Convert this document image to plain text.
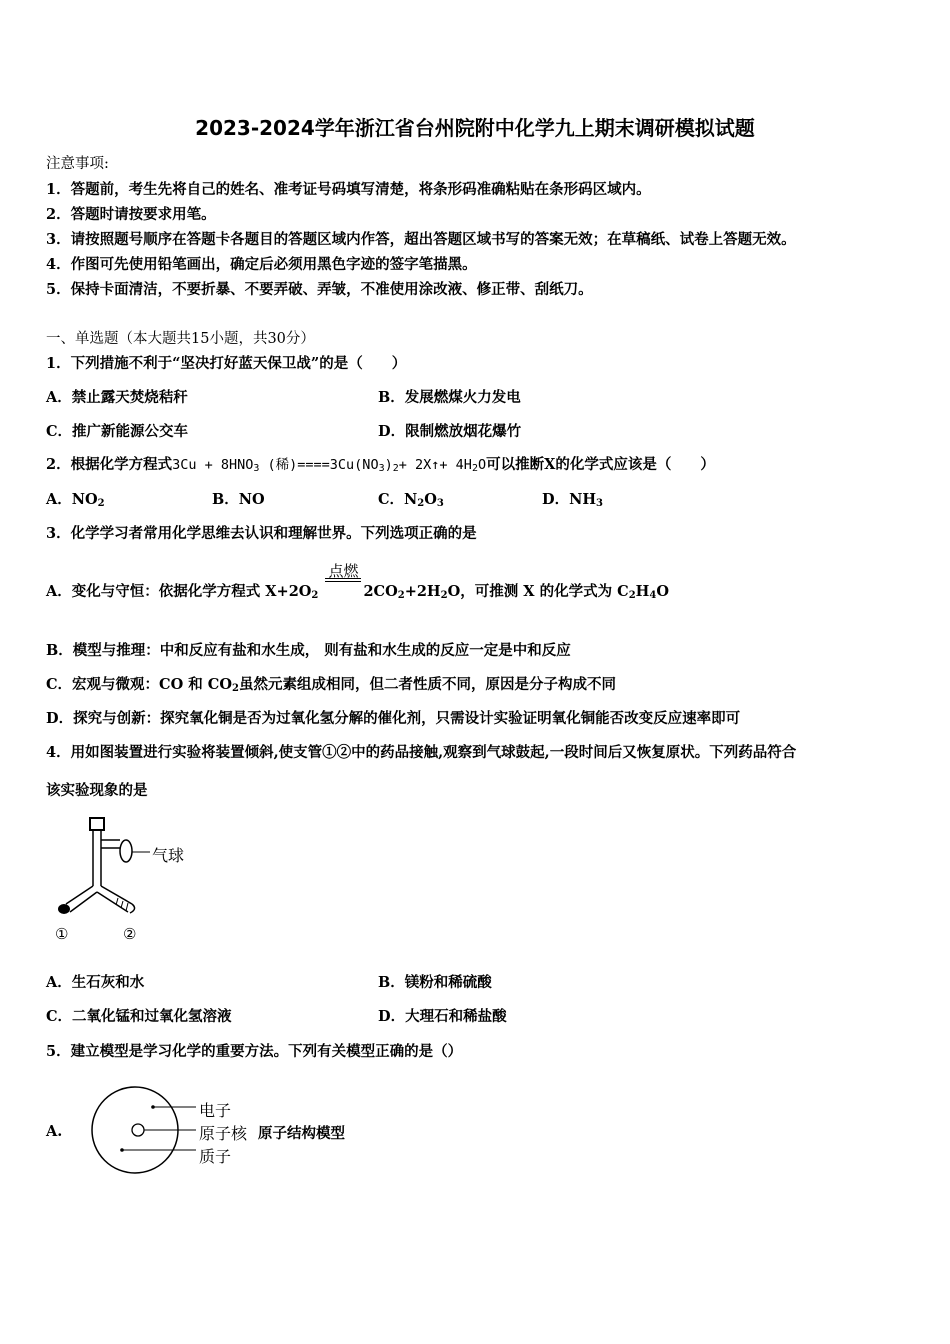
2023-2024学年浙江省台州院附中化学九上期末调研模拟试题
注意事项:
1．答题前，考生先将自己的姓名、准考证号码填写清楚，将条形码准确粘贴在条形码区域内。
2．答题时请按要求用笔。
3．请按照题号顺序在答题卡各题目的答题区域内作答，超出答题区域书写的答案无效；在草稿纸、试卷上答题无效。
4．作图可先使用铅笔画出，确定后必须用黑色字迹的签字笔描黑。
5．保持卡面清洁，不要折暴、不要弄破、弄皱，不准使用涂改液、修正带、刮纸刀。
一、单选题（本大题共15小题，共30分）
1．下列措施不利于“坚决打好蓝天保卫战”的是（　　）
A．禁止露天焚烧秸秆	B．发展燃煤火力发电
C．推广新能源公交车	D．限制燃放烟花爆竹
2．根据化学方程式$3Cu + 8HNO_3$ (稀)$====3Cu(NO_3)_2+$ 2X↑+ $4H_2O$可以推断X的化学式应该是（　　）
A．$NO_2$	B．NO	C．$N_2O_3$	D．$NH_3$
3．化学学习者常用化学思维去认识和理解世界。下列选项正确的是
A．变化与守恒：依据化学方程式 $X+2O_2$
点燃
$2CO_2+2H_2O$，可推测 X 的化学式为 $C_2H_4O$
B．模型与推理：中和反应有盐和水生成， 则有盐和水生成的反应一定是中和反应
C．宏观与微观：CO 和 $CO_2$虽然元素组成相同，但二者性质不同，原因是分子构成不同
D．探究与创新：探究氧化铜是否为过氧化氢分解的催化剂，只需设计实验证明氧化铜能否改变反应速率即可
4．用如图装置进行实验将装置倾斜,使支管①②中的药品接触,观察到气球鼓起,一段时间后又恢复原状。下列药品符合
该实验现象的是
气球
①	②
A．生石灰和水	B．镁粉和稀硫酸
C．二氧化锰和过氧化氢溶液	D．大理石和稀盐酸
5．建立模型是学习化学的重要方法。下列有关模型正确的是（）
A.
电子
原子核 原子结构模型
质子
